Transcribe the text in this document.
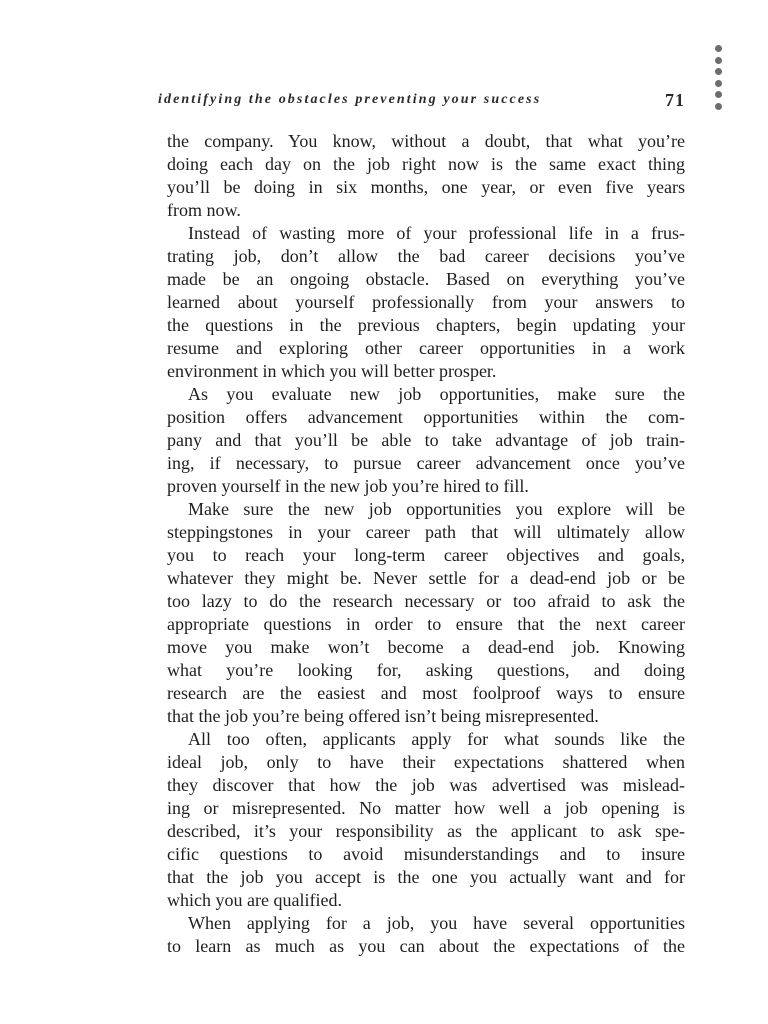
identifying the obstacles preventing your success	71
the company. You know, without a doubt, that what you’re
doing each day on the job right now is the same exact thing
you’ll be doing in six months, one year, or even five years
from now.
Instead of wasting more of your professional life in a frus-
trating job, don’t allow the bad career decisions you’ve
made be an ongoing obstacle. Based on everything you’ve
learned about yourself professionally from your answers to
the questions in the previous chapters, begin updating your
resume and exploring other career opportunities in a work
environment in which you will better prosper.
As you evaluate new job opportunities, make sure the
position offers advancement opportunities within the com-
pany and that you’ll be able to take advantage of job train-
ing, if necessary, to pursue career advancement once you’ve
proven yourself in the new job you’re hired to fill.
Make sure the new job opportunities you explore will be
steppingstones in your career path that will ultimately allow
you to reach your long-term career objectives and goals,
whatever they might be. Never settle for a dead-end job or be
too lazy to do the research necessary or too afraid to ask the
appropriate questions in order to ensure that the next career
move you make won’t become a dead-end job. Knowing
what you’re looking for, asking questions, and doing
research are the easiest and most foolproof ways to ensure
that the job you’re being offered isn’t being misrepresented.
All too often, applicants apply for what sounds like the
ideal job, only to have their expectations shattered when
they discover that how the job was advertised was mislead-
ing or misrepresented. No matter how well a job opening is
described, it’s your responsibility as the applicant to ask spe-
cific questions to avoid misunderstandings and to insure
that the job you accept is the one you actually want and for
which you are qualified.
When applying for a job, you have several opportunities
to learn as much as you can about the expectations of the
